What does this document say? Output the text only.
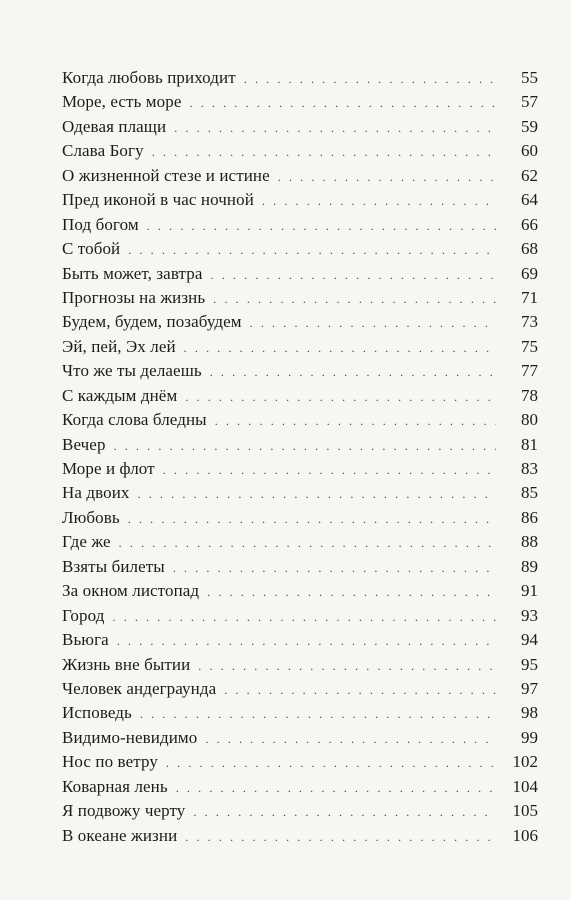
Когда любовь приходит . . .	55
Море, есть море . . .	57
Одевая плащи . . .	59
Слава Богу . . .	60
О жизненной стезе и истине . . .	62
Пред иконой в час ночной . . .	64
Под богом . . .	66
С тобой . . .	68
Быть может, завтра . . .	69
Прогнозы на жизнь . . .	71
Будем, будем, позабудем . . .	73
Эй, пей, Эх лей . . .	75
Что же ты делаешь . . .	77
С каждым днём . . .	78
Когда слова бледны . . .	80
Вечер . . .	81
Море и флот . . .	83
На двоих . . .	85
Любовь . . .	86
Где же . . .	88
Взяты билеты . . .	89
За окном листопад . . .	91
Город . . .	93
Вьюга . . .	94
Жизнь вне бытии . . .	95
Человек андеграунда . . .	97
Исповедь . . .	98
Видимо-невидимо . . .	99
Нос по ветру . . .	102
Коварная лень . . .	104
Я подвожу черту . . .	105
В океане жизни . . .	106
